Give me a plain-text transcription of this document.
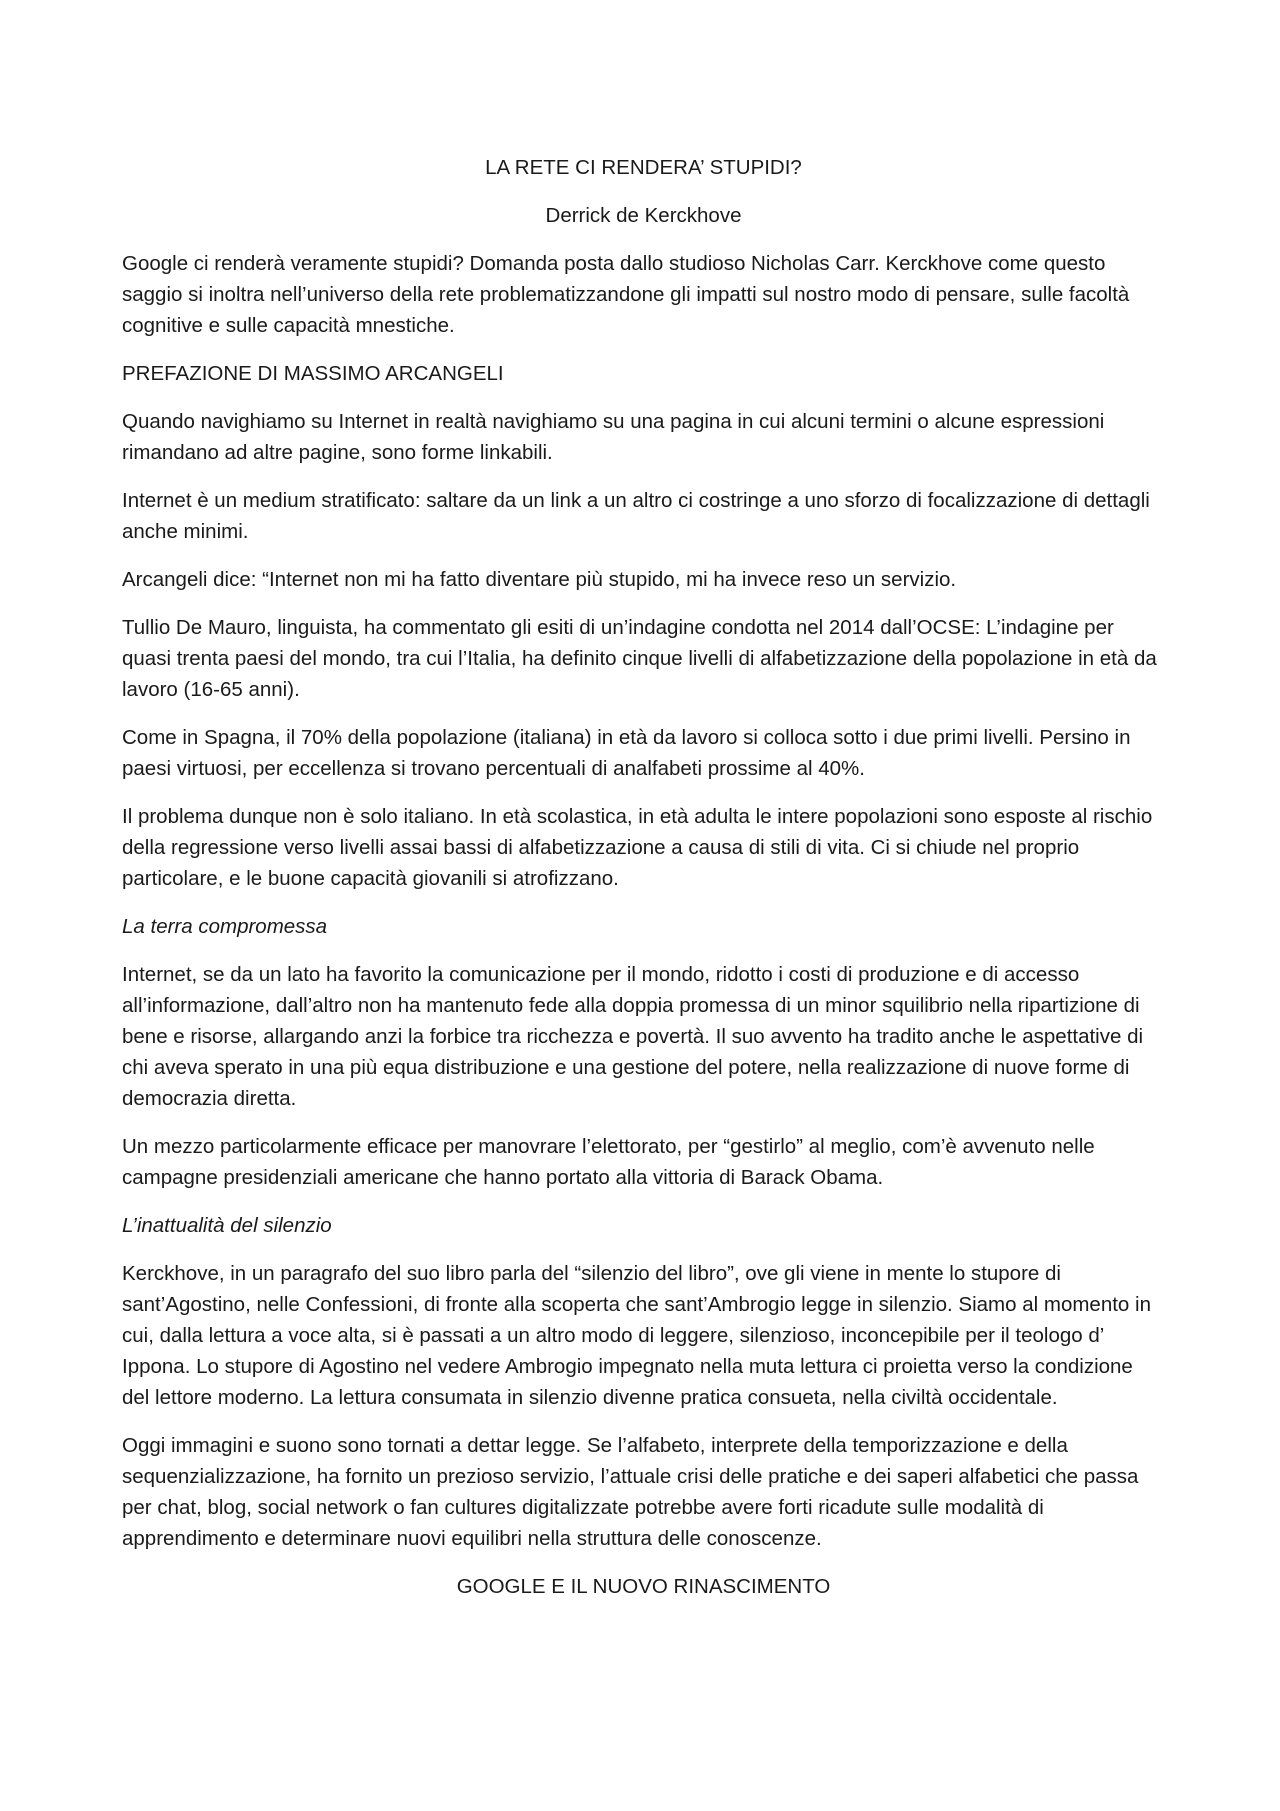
LA RETE CI RENDERA’ STUPIDI?
Derrick de Kerckhove

Google ci renderà veramente stupidi? Domanda posta dallo studioso Nicholas Carr. Kerckhove come questo saggio si inoltra nell’universo della rete problematizzandone gli impatti sul nostro modo di pensare, sulle facoltà cognitive e sulle capacità mnestiche.

PREFAZIONE DI MASSIMO ARCANGELI

Quando navighiamo su Internet in realtà navighiamo su una pagina in cui alcuni termini o alcune espressioni rimandano ad altre pagine, sono forme linkabili.

Internet è un medium stratificato: saltare da un link a un altro ci costringe a uno sforzo di focalizzazione di dettagli anche minimi.

Arcangeli dice: “Internet non mi ha fatto diventare più stupido, mi ha invece reso un servizio.

Tullio De Mauro, linguista, ha commentato gli esiti di un’indagine condotta nel 2014 dall’OCSE: L’indagine per quasi trenta paesi del mondo, tra cui l’Italia, ha definito cinque livelli di alfabetizzazione della popolazione in età da lavoro (16-65 anni).

Come in Spagna, il 70% della popolazione (italiana) in età da lavoro si colloca sotto i due primi livelli. Persino in paesi virtuosi, per eccellenza si trovano percentuali di analfabeti prossime al 40%.

Il problema dunque non è solo italiano. In età scolastica, in età adulta le intere popolazioni sono esposte al rischio della regressione verso livelli assai bassi di alfabetizzazione a causa di stili di vita. Ci si chiude nel proprio particolare, e le buone capacità giovanili si atrofizzano.

La terra compromessa

Internet, se da un lato ha favorito la comunicazione per il mondo, ridotto i costi di produzione e di accesso all’informazione, dall’altro non ha mantenuto fede alla doppia promessa di un minor squilibrio nella ripartizione di bene e risorse, allargando anzi la forbice tra ricchezza e povertà. Il suo avvento ha tradito anche le aspettative di chi aveva sperato in una più equa distribuzione e una gestione del potere, nella realizzazione di nuove forme di democrazia diretta.

Un mezzo particolarmente efficace per manovrare l’elettorato, per “gestirlo” al meglio, com’è avvenuto nelle campagne presidenziali americane che hanno portato alla vittoria di Barack Obama.

L’inattualità del silenzio

Kerckhove, in un paragrafo del suo libro parla del “silenzio del libro”, ove gli viene in mente lo stupore di sant’Agostino, nelle Confessioni, di fronte alla scoperta che sant’Ambrogio legge in silenzio. Siamo al momento in cui, dalla lettura a voce alta, si è passati a un altro modo di leggere, silenzioso, inconcepibile per il teologo d’ Ippona. Lo stupore di Agostino nel vedere Ambrogio impegnato nella muta lettura ci proietta verso la condizione del lettore moderno. La lettura consumata in silenzio divenne pratica consueta, nella civiltà occidentale.

Oggi immagini e suono sono tornati a dettar legge. Se l’alfabeto, interprete della temporizzazione e della sequenzializzazione, ha fornito un prezioso servizio, l’attuale crisi delle pratiche e dei saperi alfabetici che passa per chat, blog, social network o fan cultures digitalizzate potrebbe avere forti ricadute sulle modalità di apprendimento e determinare nuovi equilibri nella struttura delle conoscenze.

GOOGLE E IL NUOVO RINASCIMENTO
